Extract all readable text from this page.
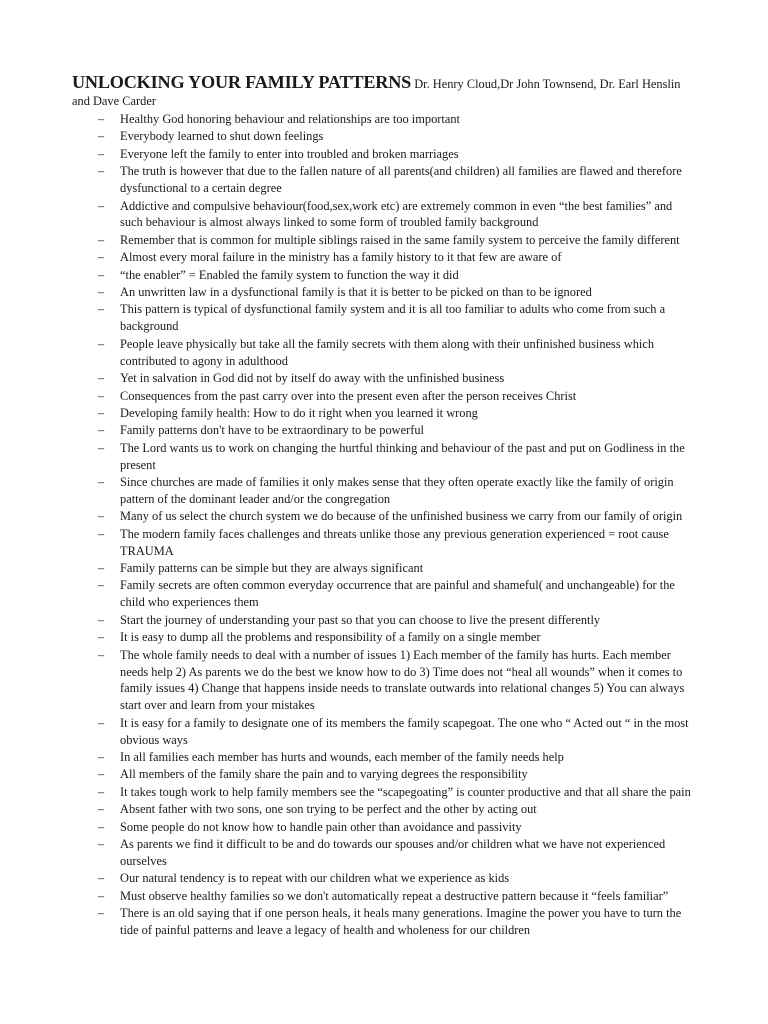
UNLOCKING YOUR FAMILY PATTERNS Dr. Henry Cloud,Dr John Townsend, Dr. Earl Henslin and Dave Carder

– Healthy God honoring behaviour and relationships are too important
– Everybody learned to shut down feelings
– Everyone left the family to enter into troubled and broken marriages
– The truth is however that due to the fallen nature of all parents(and children) all families are flawed and therefore dysfunctional to a certain degree
– Addictive and compulsive behaviour(food,sex,work etc) are extremely common in even “the best families” and such behaviour is almost always linked to some form of troubled family background
– Remember that is common for multiple siblings raised in the same family system to perceive the family different
– Almost every moral failure in the ministry has a family history to it that few are aware of
– “the enabler” = Enabled the family system to function the way it did
– An unwritten law in a dysfunctional family is that it is better to be picked on than to be ignored
– This pattern is typical of dysfunctional family system and it is all too familiar to adults who come from such a background
– People leave physically but take all the family secrets with them along with their unfinished business which contributed to agony in adulthood
– Yet in salvation in God did not by itself do away with the unfinished business
– Consequences from the past carry over into the present even after the person receives Christ
– Developing family health: How to do it right when you learned it wrong
– Family patterns don't have to be extraordinary to be powerful
– The Lord wants us to work on changing the hurtful thinking and behaviour of the past and put on Godliness in the present
– Since churches are made of families it only makes sense that they often operate exactly like the family of origin pattern of the dominant leader and/or the congregation
– Many of us select the church system we do because of the unfinished business we carry from our family of origin
– The modern family faces challenges and threats unlike those any previous generation experienced = root cause TRAUMA
– Family patterns can be simple but they are always significant
– Family secrets are often common everyday occurrence that are painful and shameful( and unchangeable) for the child who experiences them
– Start the journey of understanding your past so that you can choose to live the present differently
– It is easy to dump all the problems and responsibility of a family on a single member
– The whole family needs to deal with a number of issues 1) Each member of the family has hurts. Each member needs help 2) As parents we do the best we know how to do 3) Time does not “heal all wounds” when it comes to family issues 4) Change that happens inside needs to translate outwards into relational changes 5) You can always start over and learn from your mistakes
– It is easy for a family to designate one of its members the family scapegoat. The one who “ Acted out “ in the most obvious ways
– In all families each member has hurts and wounds, each member of the family needs help
– All members of the family share the pain and to varying degrees the responsibility
– It takes tough work to help family members see the “scapegoating” is counter productive and that all share the pain
– Absent father with two sons, one son trying to be perfect and the other by acting out
– Some people do not know how to handle pain other than avoidance and passivity
– As parents we find it difficult to be and do towards our spouses and/or children what we have not experienced ourselves
– Our natural tendency is to repeat with our children what we experience as kids
– Must observe healthy families so we don't automatically repeat a destructive pattern because it “feels familiar”
– There is an old saying that if one person heals, it heals many generations. Imagine the power you have to turn the tide of painful patterns and leave a legacy of health and wholeness for our children
